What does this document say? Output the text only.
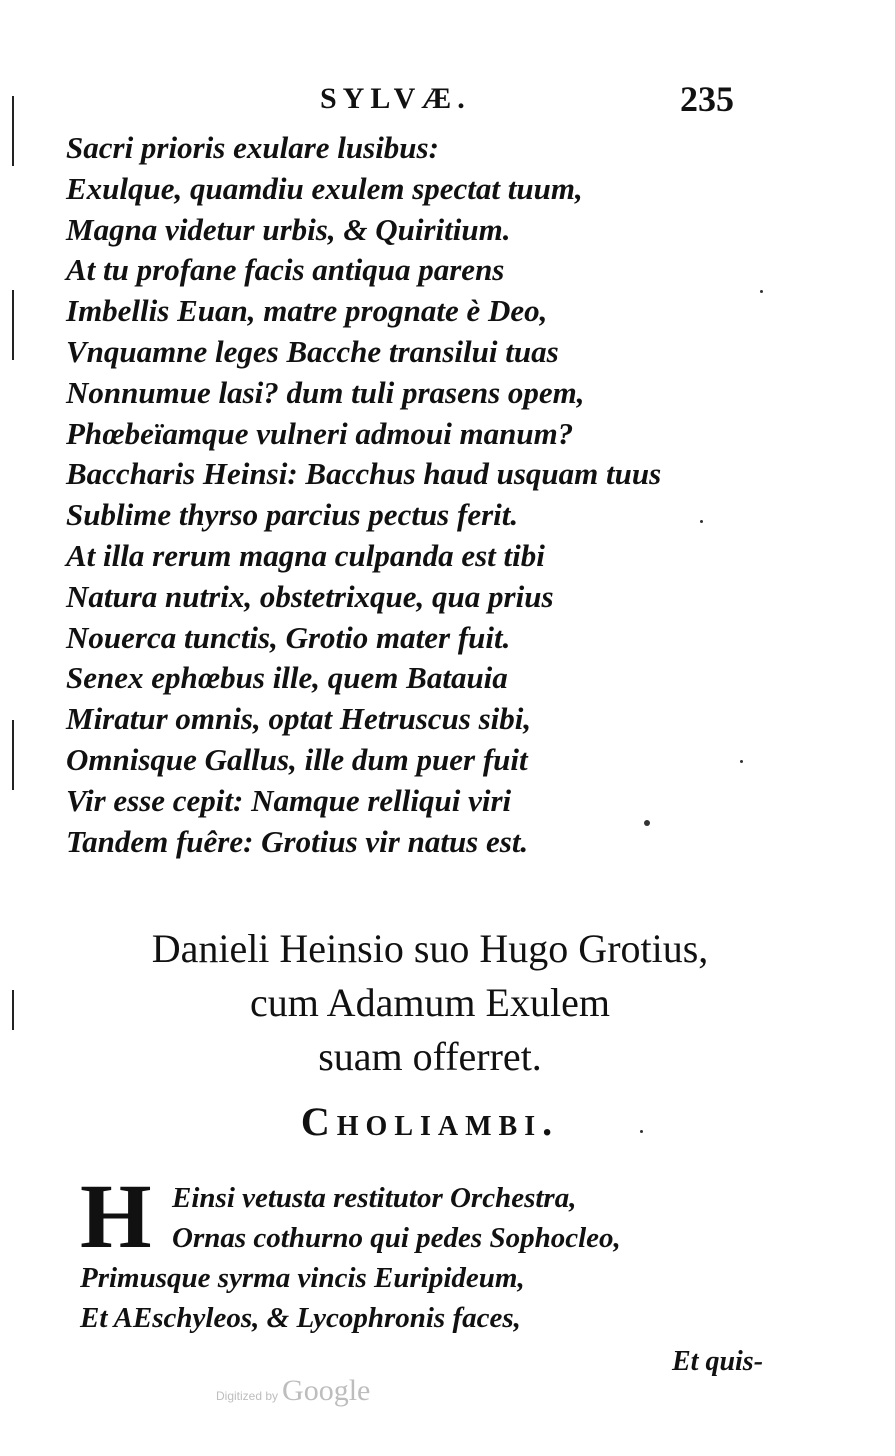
SYLVÆ.	235
Sacri prioris exulare lusibus:
Exulque, quamdiu exulem spectat tuum,
Magna videtur urbis, & Quiritium.
At tu profane facis antiqua parens
Imbellis Euan, matre prognate è Deo,
Vnquamne leges Bacche transilui tuas
Nonnumue lasi? dum tuli prasens opem,
Phœbeïamque vulneri admoui manum?
Baccharis Heinsi: Bacchus haud usquam tuus
Sublime thyrso parcius pectus ferit.
At illa rerum magna culpanda est tibi
Natura nutrix, obstetrixque, qua prius
Nouerca tunctis, Grotio mater fuit.
Senex ephœbus ille, quem Batauia
Miratur omnis, optat Hetruscus sibi,
Omnisque Gallus, ille dum puer fuit
Vir esse cepit: Namque relliqui viri
Tandem fuêre: Grotius vir natus est.
Danieli Heinsio suo Hugo Grotius,
cum Adamum Exulem
suam offerret.
Choliambi.
H Einsi vetusta restitutor Orchestra,
Ornas cothurno qui pedes Sophocleo,
Primusque syrma vincis Euripideum,
Et AEschyleos, & Lycophronis faces,
Et quis-
Digitized by Google
